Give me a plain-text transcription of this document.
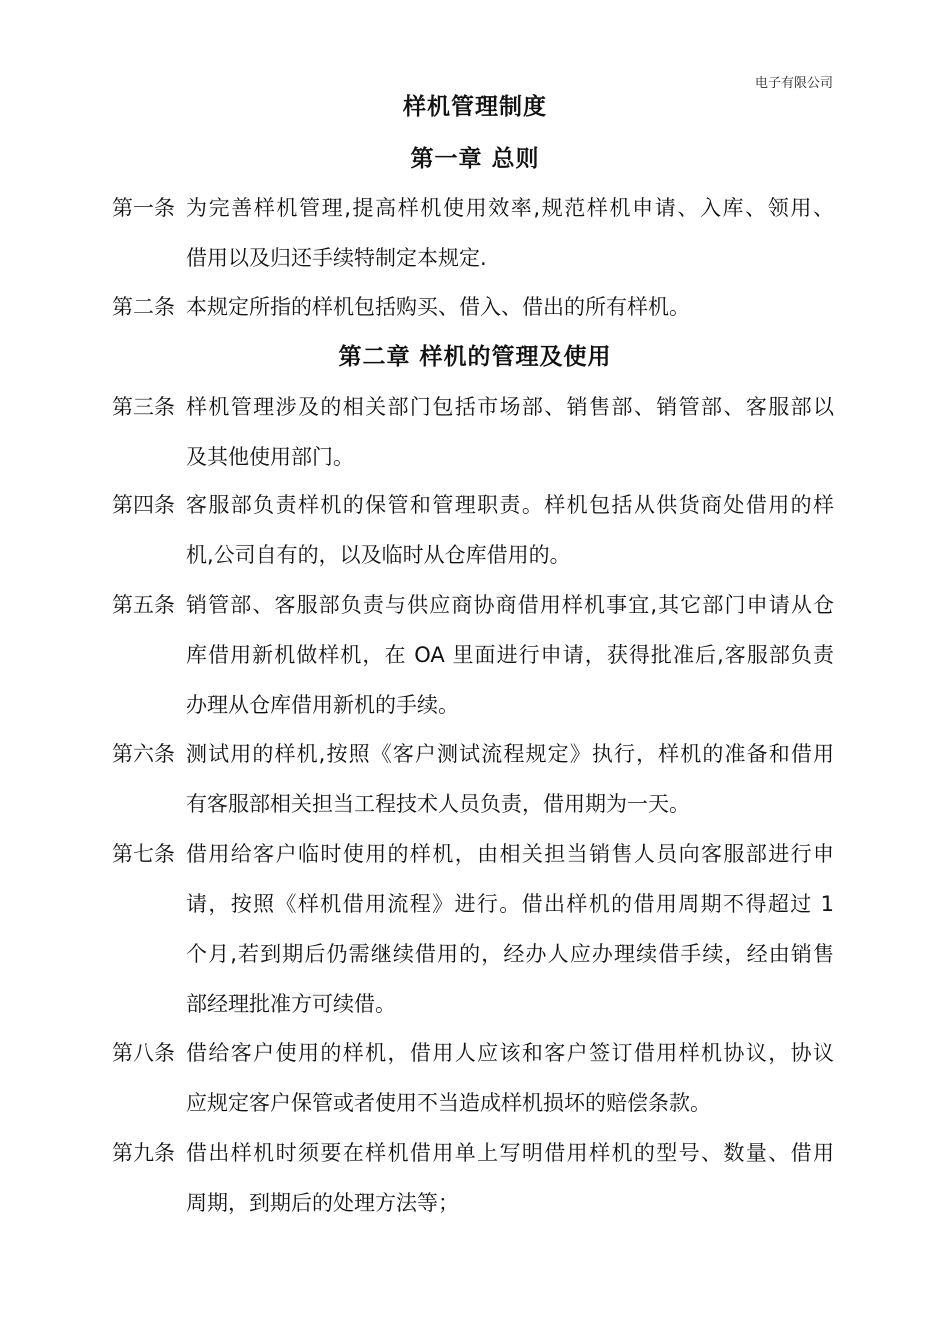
电子有限公司
样机管理制度
第一章 总则
第一条 为完善样机管理,提高样机使用效率,规范样机申请、入库、领用、
借用以及归还手续特制定本规定.
第二条 本规定所指的样机包括购买、借入、借出的所有样机。
第二章 样机的管理及使用
第三条 样机管理涉及的相关部门包括市场部、销售部、销管部、客服部以
及其他使用部门。
第四条 客服部负责样机的保管和管理职责。样机包括从供货商处借用的样
机,公司自有的，以及临时从仓库借用的。
第五条 销管部、客服部负责与供应商协商借用样机事宜,其它部门申请从仓
库借用新机做样机，在 OA 里面进行申请，获得批准后,客服部负责
办理从仓库借用新机的手续。
第六条 测试用的样机,按照《客户测试流程规定》执行，样机的准备和借用
有客服部相关担当工程技术人员负责，借用期为一天。
第七条 借用给客户临时使用的样机，由相关担当销售人员向客服部进行申
请，按照《样机借用流程》进行。借出样机的借用周期不得超过 1
个月,若到期后仍需继续借用的，经办人应办理续借手续，经由销售
部经理批准方可续借。
第八条 借给客户使用的样机，借用人应该和客户签订借用样机协议，协议
应规定客户保管或者使用不当造成样机损坏的赔偿条款。
第九条 借出样机时须要在样机借用单上写明借用样机的型号、数量、借用
周期，到期后的处理方法等；
